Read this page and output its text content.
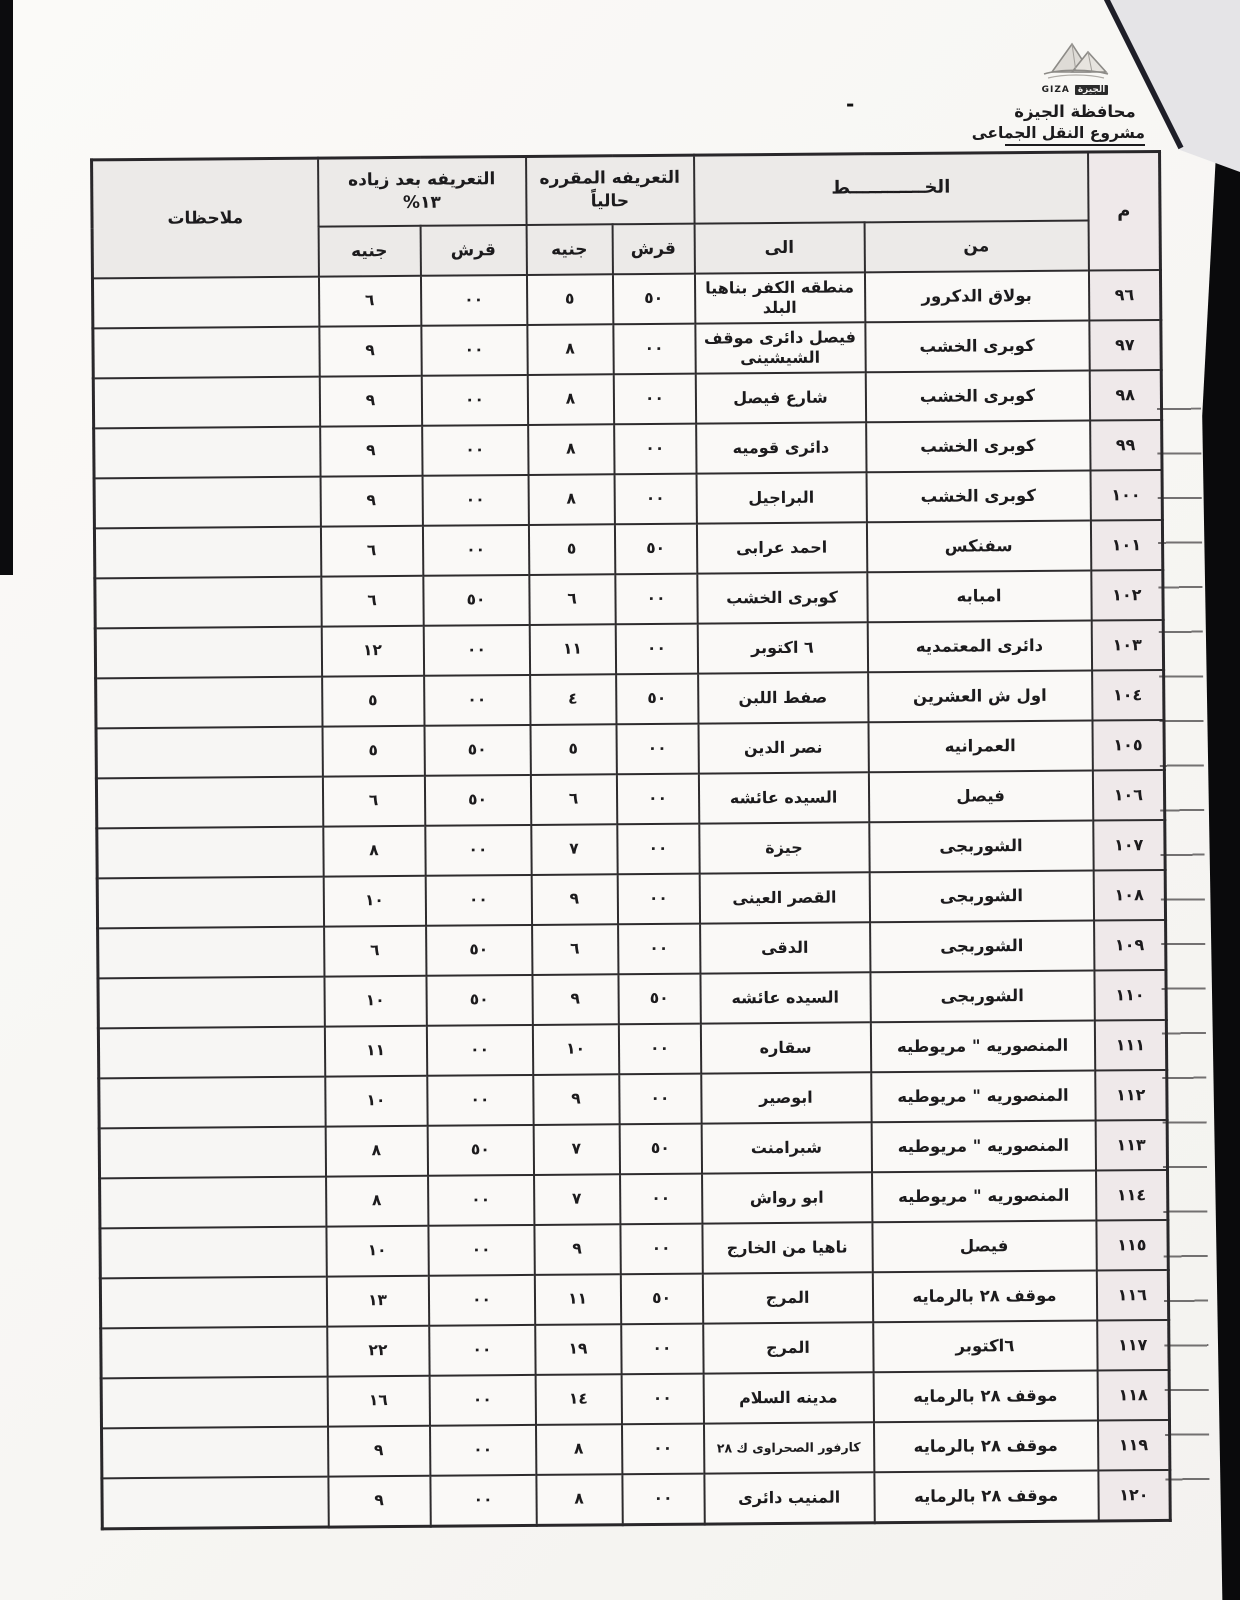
GIZA الجيزة
محافظة الجيزة
مشروع النقل الجماعى
-
م	الخــــــــــــط	
التعريفه المقرره
حالياً

التعريفه بعد زياده
١٣%
	ملاحظات
	من	الى	قرش	جنيه	قرش	جنيه	
٩٦	بولاق الدكرور	منطقه الكفر بناهيا البلد	٥٠	٥	٠٠	٦	
٩٧	كوبرى الخشب	فيصل دائرى موقف الشيشينى	٠٠	٨	٠٠	٩	
٩٨	كوبرى الخشب	شارع فيصل	٠٠	٨	٠٠	٩	
٩٩	كوبرى الخشب	دائرى قوميه	٠٠	٨	٠٠	٩	
١٠٠	كوبرى الخشب	البراجيل	٠٠	٨	٠٠	٩	
١٠١	سفنكس	احمد عرابى	٥٠	٥	٠٠	٦	
١٠٢	امبابه	كوبرى الخشب	٠٠	٦	٥٠	٦	
١٠٣	دائرى المعتمديه	٦ اكتوبر	٠٠	١١	٠٠	١٢	
١٠٤	اول ش العشرين	صفط اللبن	٥٠	٤	٠٠	٥	
١٠٥	العمرانيه	نصر الدين	٠٠	٥	٥٠	٥	
١٠٦	فيصل	السيده عائشه	٠٠	٦	٥٠	٦	
١٠٧	الشوربجى	جيزة	٠٠	٧	٠٠	٨	
١٠٨	الشوربجى	القصر العينى	٠٠	٩	٠٠	١٠	
١٠٩	الشوربجى	الدقى	٠٠	٦	٥٠	٦	
١١٠	الشوربجى	السيده عائشه	٥٠	٩	٥٠	١٠	
١١١	المنصوريه " مريوطيه	سقاره	٠٠	١٠	٠٠	١١	
١١٢	المنصوريه " مريوطيه	ابوصير	٠٠	٩	٠٠	١٠	
١١٣	المنصوريه " مريوطيه	شبرامنت	٥٠	٧	٥٠	٨	
١١٤	المنصوريه " مريوطيه	ابو رواش	٠٠	٧	٠٠	٨	
١١٥	فيصل	ناهيا من الخارج	٠٠	٩	٠٠	١٠	
١١٦	موقف ٢٨ بالرمايه	المرج	٥٠	١١	٠٠	١٣	
١١٧	٦اكتوبر	المرج	٠٠	١٩	٠٠	٢٢	
١١٨	موقف ٢٨ بالرمايه	مدينه السلام	٠٠	١٤	٠٠	١٦	
١١٩	موقف ٢٨ بالرمايه	كارفور الصحراوى ك ٢٨	٠٠	٨	٠٠	٩	
١٢٠	موقف ٢٨ بالرمايه	المنيب دائرى	٠٠	٨	٠٠	٩	
